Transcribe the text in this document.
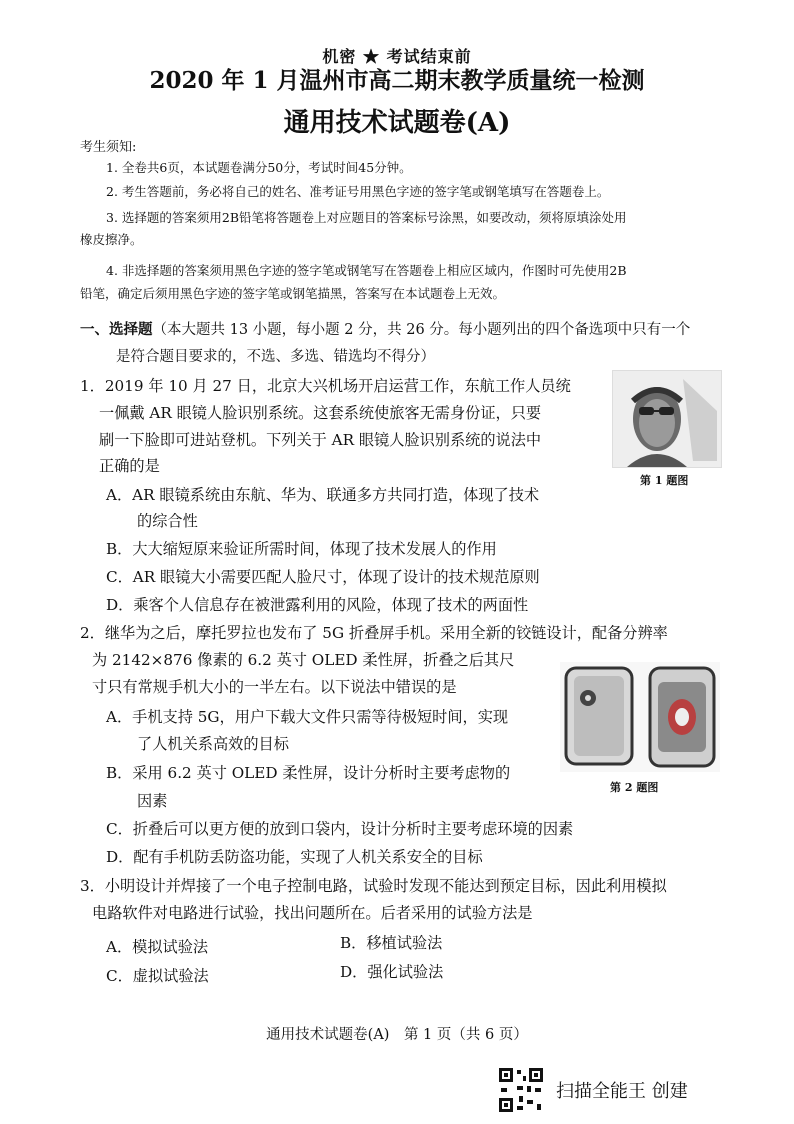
机密 ★ 考试结束前
2020 年 1 月温州市高二期末教学质量统一检测
通用技术试题卷(A)
考生须知:
1. 全卷共6页，本试题卷满分50分，考试时间45分钟。
2. 考生答题前，务必将自己的姓名、准考证号用黑色字迹的签字笔或钢笔填写在答题卷上。
3. 选择题的答案须用2B铅笔将答题卷上对应题目的答案标号涂黑，如要改动，须将原填涂处用
橡皮擦净。
4. 非选择题的答案须用黑色字迹的签字笔或钢笔写在答题卷上相应区域内，作图时可先使用2B
铅笔，确定后须用黑色字迹的签字笔或钢笔描黑，答案写在本试题卷上无效。
一、选择题（本大题共 13 小题，每小题 2 分，共 26 分。每小题列出的四个备选项中只有一个
是符合题目要求的，不选、多选、错选均不得分）
1．2019 年 10 月 27 日，北京大兴机场开启运营工作，东航工作人员统
一佩戴 AR 眼镜人脸识别系统。这套系统使旅客无需身份证，只要
刷一下脸即可进站登机。下列关于 AR 眼镜人脸识别系统的说法中
正确的是
第 1 题图
A．AR 眼镜系统由东航、华为、联通多方共同打造，体现了技术
的综合性
B．大大缩短原来验证所需时间，体现了技术发展人的作用
C．AR 眼镜大小需要匹配人脸尺寸，体现了设计的技术规范原则
D．乘客个人信息存在被泄露利用的风险，体现了技术的两面性
2．继华为之后，摩托罗拉也发布了 5G 折叠屏手机。采用全新的铰链设计，配备分辨率
为 2142×876 像素的 6.2 英寸 OLED 柔性屏，折叠之后其尺
寸只有常规手机大小的一半左右。以下说法中错误的是
第 2 题图
A．手机支持 5G，用户下载大文件只需等待极短时间，实现
了人机关系高效的目标
B．采用 6.2 英寸 OLED 柔性屏，设计分析时主要考虑物的
因素
C．折叠后可以更方便的放到口袋内，设计分析时主要考虑环境的因素
D．配有手机防丢防盗功能，实现了人机关系安全的目标
3．小明设计并焊接了一个电子控制电路，试验时发现不能达到预定目标，因此利用模拟
电路软件对电路进行试验，找出问题所在。后者采用的试验方法是
A．模拟试验法	B．移植试验法
C．虚拟试验法	D．强化试验法
通用技术试题卷(A)　第 1 页（共 6 页）
扫描全能王 创建
